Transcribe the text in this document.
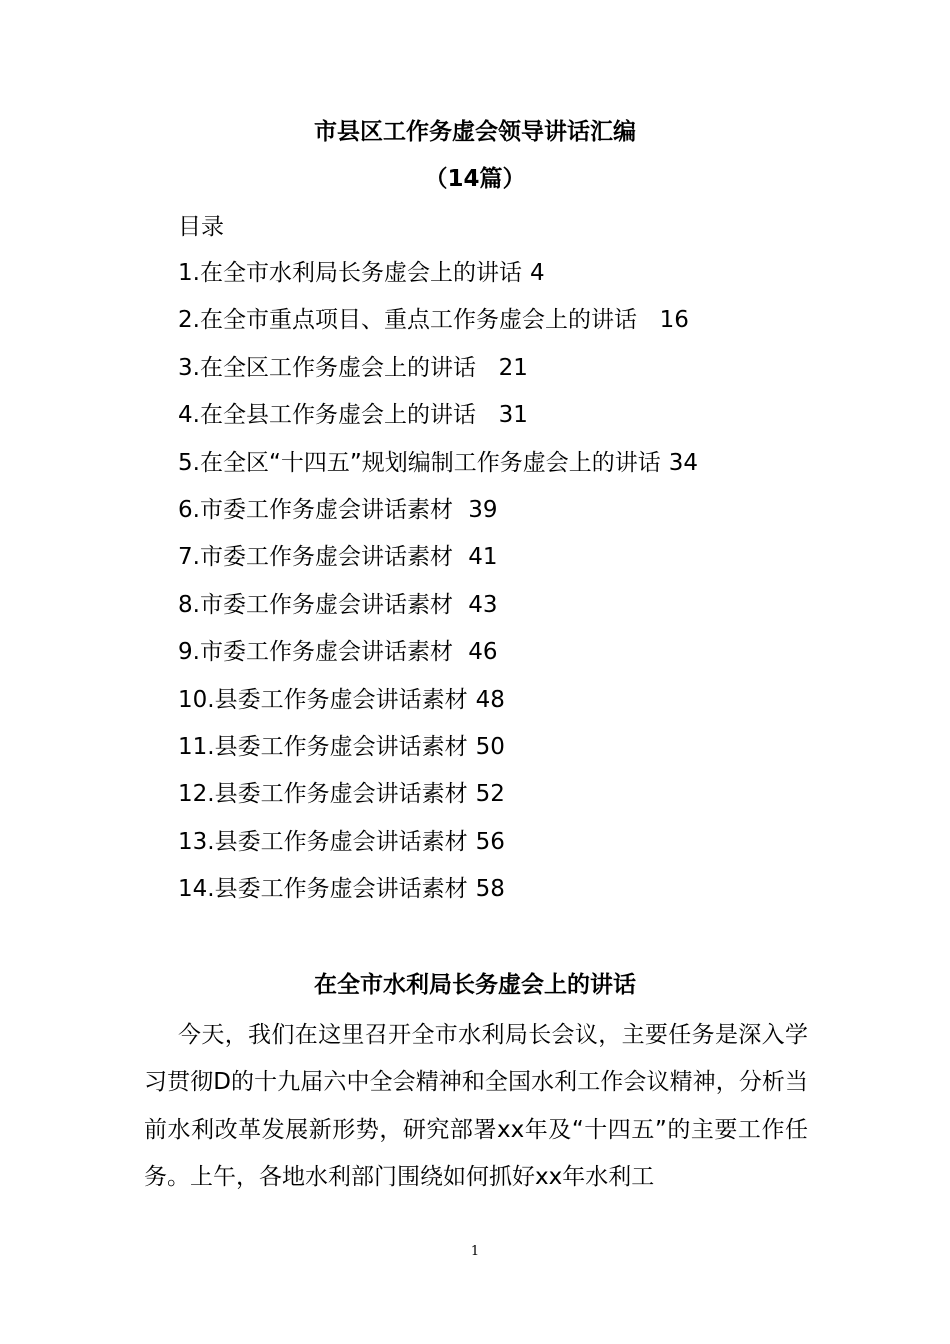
市县区工作务虚会领导讲话汇编
（14篇）
目录
1.在全市水利局长务虚会上的讲话 4
2.在全市重点项目、重点工作务虚会上的讲话  16
3.在全区工作务虚会上的讲话  21
4.在全县工作务虚会上的讲话  31
5.在全区“十四五”规划编制工作务虚会上的讲话 34
6.市委工作务虚会讲话素材 39
7.市委工作务虚会讲话素材 41
8.市委工作务虚会讲话素材 43
9.市委工作务虚会讲话素材 46
10.县委工作务虚会讲话素材 48
11.县委工作务虚会讲话素材 50
12.县委工作务虚会讲话素材 52
13.县委工作务虚会讲话素材 56
14.县委工作务虚会讲话素材 58
在全市水利局长务虚会上的讲话

今天，我们在这里召开全市水利局长会议，主要任务是深入学习贯彻D的十九届六中全会精神和全国水利工作会议精神，分析当前水利改革发展新形势，研究部署xx年及“十四五”的主要工作任务。上午，各地水利部门围绕如何抓好xx年水利工

1
